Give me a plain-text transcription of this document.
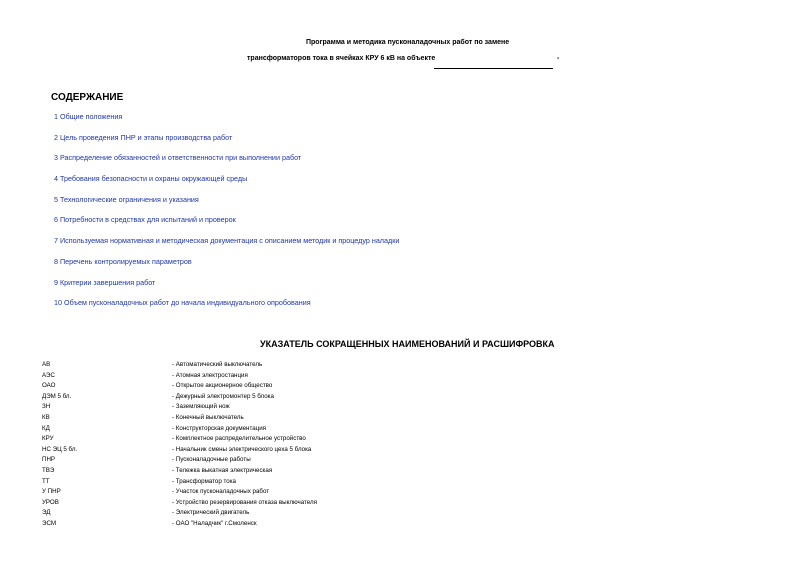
Программа и методика пусконаладочных работ по замене
трансформаторов тока в ячейках КРУ 6 кВ на объекте	-
СОДЕРЖАНИЕ
1 Общие положения
2 Цель проведения ПНР и этапы производства работ
3 Распределение обязанностей и ответственности при выполнении работ
4 Требования безопасности и охраны окружающей среды
5 Технологические ограничения и указания
6 Потребности в средствах для испытаний и проверок
7 Используемая нормативная и методическая документация с описанием методик и процедур наладки
8 Перечень контролируемых параметров
9 Критерии завершения работ
10 Объем пусконаладочных работ до начала индивидуального опробования
УКАЗАТЕЛЬ СОКРАЩЕННЫХ НАИМЕНОВАНИЙ И РАСШИФРОВКА
АВ	- Автоматический выключатель
АЭС	- Атомная электростанция
ОАО	- Открытое акционерное общество
ДЭМ 5 бл.	- Дежурный электромонтер 5 блока
ЗН	- Заземляющий нож
КВ	- Конечный выключатель
КД	- Конструкторская документация
КРУ	- Комплектное распределительное устройство
НС ЭЦ 5 бл.	- Начальник смены электрического цеха 5 блока
ПНР	- Пусконаладочные работы
ТВЭ	- Тележка выкатная электрическая
ТТ	- Трансформатор тока
У ПНР	- Участок пусконаладочных работ
УРОВ	- Устройство резервирования отказа выключателя
ЭД	- Электрический двигатель
ЭСМ	- ОАО "Наладчик" г.Смоленск
